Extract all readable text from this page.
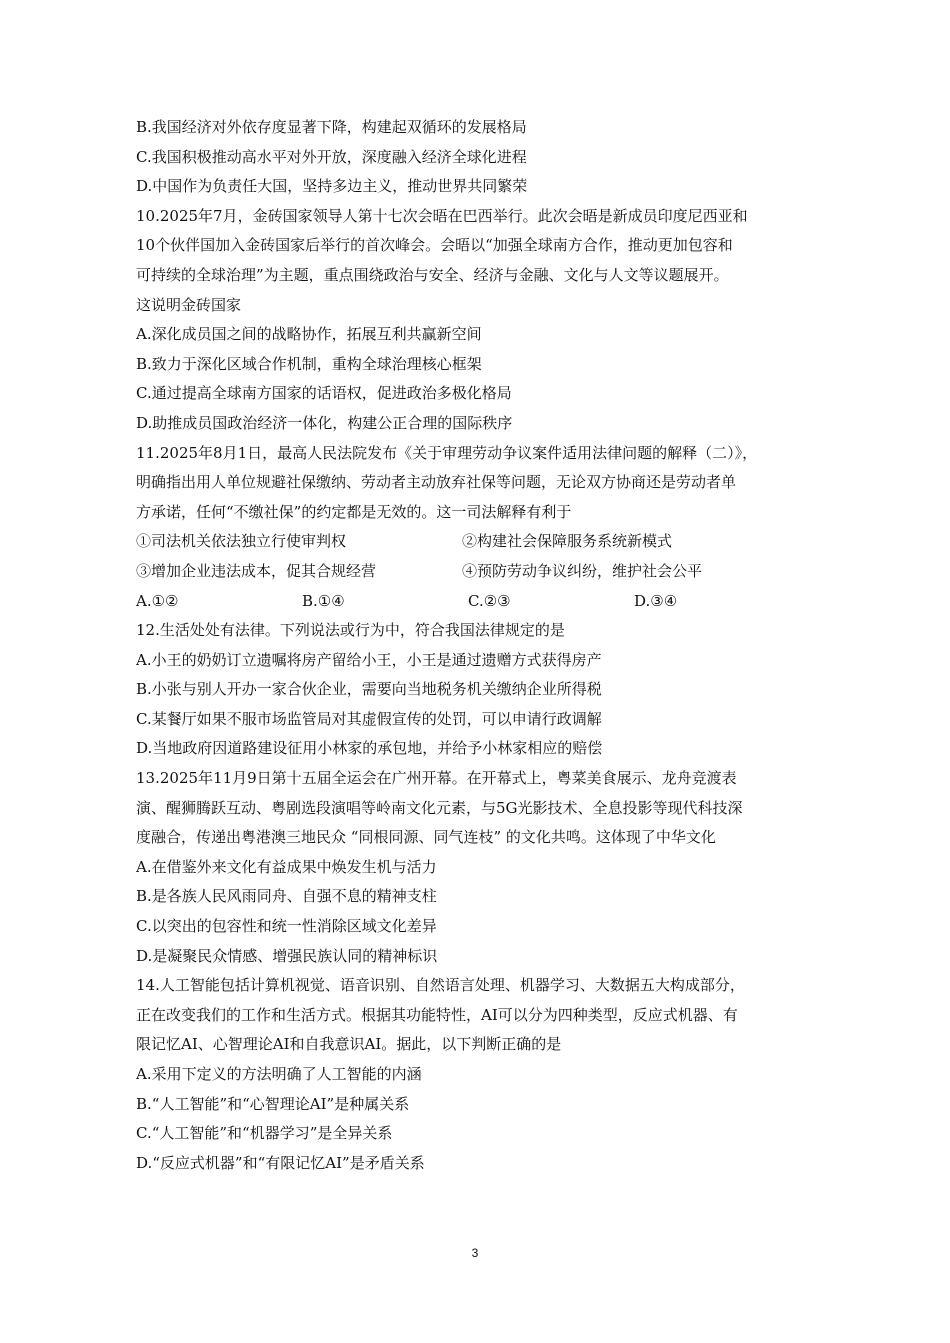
B.我国经济对外依存度显著下降，构建起双循环的发展格局
C.我国积极推动高水平对外开放，深度融入经济全球化进程
D.中国作为负责任大国，坚持多边主义，推动世界共同繁荣
10.2025年7月，金砖国家领导人第十七次会晤在巴西举行。此次会晤是新成员印度尼西亚和
10个伙伴国加入金砖国家后举行的首次峰会。会晤以“加强全球南方合作，推动更加包容和
可持续的全球治理”为主题，重点围绕政治与安全、经济与金融、文化与人文等议题展开。
这说明金砖国家
A.深化成员国之间的战略协作，拓展互利共赢新空间
B.致力于深化区域合作机制，重构全球治理核心框架
C.通过提高全球南方国家的话语权，促进政治多极化格局
D.助推成员国政治经济一体化，构建公正合理的国际秩序
11.2025年8月1日，最高人民法院发布《关于审理劳动争议案件适用法律问题的解释（二）》，
明确指出用人单位规避社保缴纳、劳动者主动放弃社保等问题，无论双方协商还是劳动者单
方承诺，任何“不缴社保”的约定都是无效的。这一司法解释有利于
①司法机关依法独立行使审判权	②构建社会保障服务系统新模式
③增加企业违法成本，促其合规经营	④预防劳动争议纠纷，维护社会公平
A.①②	B.①④	C.②③	D.③④
12.生活处处有法律。下列说法或行为中，符合我国法律规定的是
A.小王的奶奶订立遗嘱将房产留给小王，小王是通过遗赠方式获得房产
B.小张与别人开办一家合伙企业，需要向当地税务机关缴纳企业所得税
C.某餐厅如果不服市场监管局对其虚假宣传的处罚，可以申请行政调解
D.当地政府因道路建设征用小林家的承包地，并给予小林家相应的赔偿
13.2025年11月9日第十五届全运会在广州开幕。在开幕式上，粤菜美食展示、龙舟竞渡表
演、醒狮腾跃互动、粤剧选段演唱等岭南文化元素，与5G光影技术、全息投影等现代科技深
度融合，传递出粤港澳三地民众 “同根同源、同气连枝” 的文化共鸣。这体现了中华文化
A.在借鉴外来文化有益成果中焕发生机与活力
B.是各族人民风雨同舟、自强不息的精神支柱
C.以突出的包容性和统一性消除区域文化差异
D.是凝聚民众情感、增强民族认同的精神标识
14.人工智能包括计算机视觉、语音识别、自然语言处理、机器学习、大数据五大构成部分，
正在改变我们的工作和生活方式。根据其功能特性，AI可以分为四种类型，反应式机器、有
限记忆AI、心智理论AI和自我意识AI。据此，以下判断正确的是
A.采用下定义的方法明确了人工智能的内涵
B.“人工智能”和“心智理论AI”是种属关系
C.“人工智能”和“机器学习”是全异关系
D.“反应式机器”和“有限记忆AI”是矛盾关系
3
